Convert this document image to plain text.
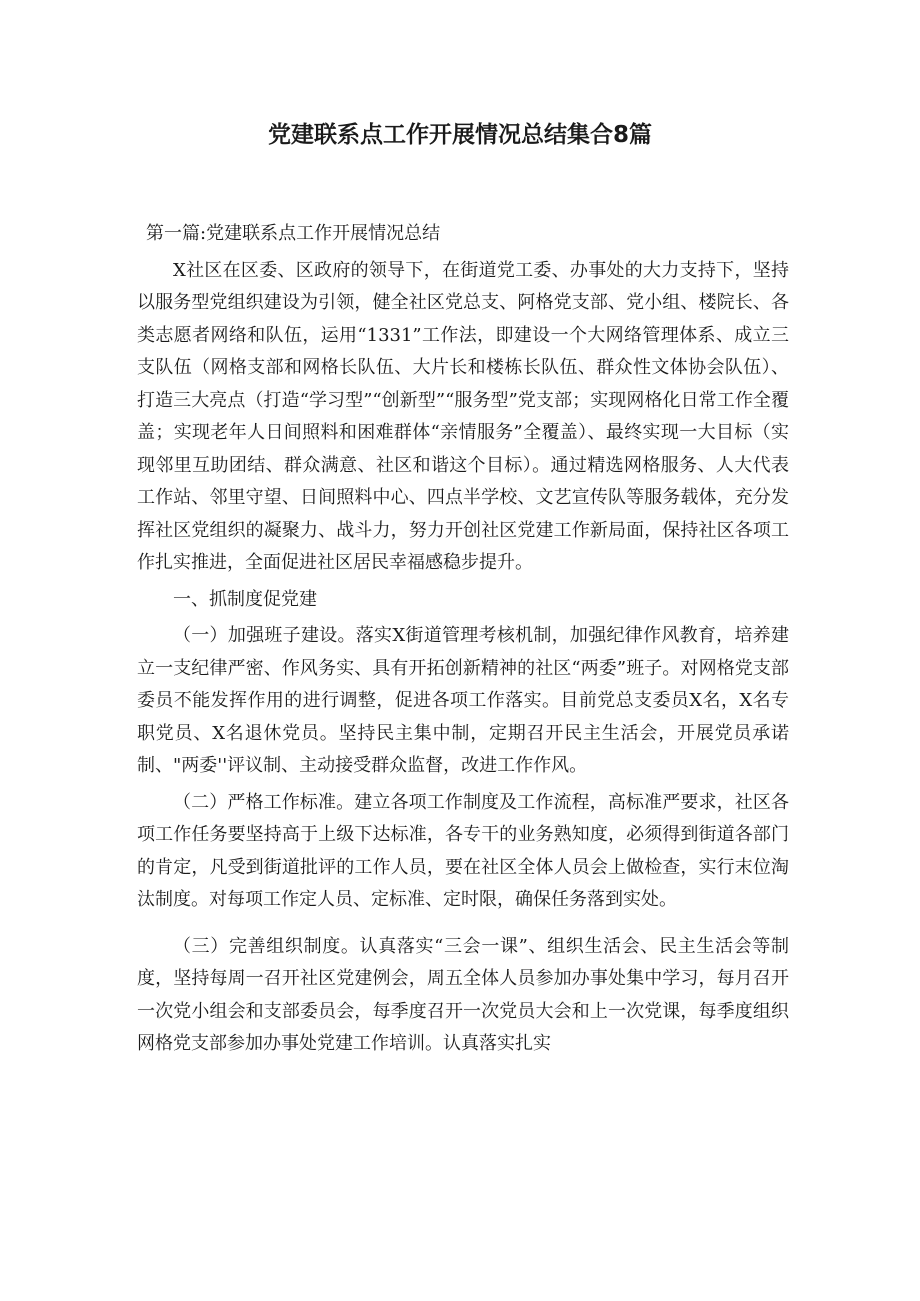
党建联系点工作开展情况总结集合8篇

第一篇:党建联系点工作开展情况总结

X社区在区委、区政府的领导下，在街道党工委、办事处的大力支持下，坚持以服务型党组织建设为引领，健全社区党总支、阿格党支部、党小组、楼院长、各类志愿者网络和队伍，运用“1331”工作法，即建设一个大网络管理体系、成立三支队伍（网格支部和网格长队伍、大片长和楼栋长队伍、群众性文体协会队伍）、打造三大亮点（打造“学习型”“创新型”“服务型”党支部；实现网格化日常工作全覆盖；实现老年人日间照料和困难群体“亲情服务”全覆盖）、最终实现一大目标（实现邻里互助团结、群众满意、社区和谐这个目标）。通过精选网格服务、人大代表工作站、邻里守望、日间照料中心、四点半学校、文艺宣传队等服务载体，充分发挥社区党组织的凝聚力、战斗力，努力开创社区党建工作新局面，保持社区各项工作扎实推进，全面促进社区居民幸福感稳步提升。

一、抓制度促党建

（一）加强班子建设。落实X街道管理考核机制，加强纪律作风教育，培养建立一支纪律严密、作风务实、具有开拓创新精神的社区“两委”班子。对网格党支部委员不能发挥作用的进行调整，促进各项工作落实。目前党总支委员X名，X名专职党员、X名退休党员。坚持民主集中制，定期召开民主生活会，开展党员承诺制、"两委''评议制、主动接受群众监督，改进工作作风。

（二）严格工作标准。建立各项工作制度及工作流程，高标准严要求，社区各项工作任务要坚持高于上级下达标准，各专干的业务熟知度，必须得到街道各部门的肯定，凡受到街道批评的工作人员，要在社区全体人员会上做检查，实行末位淘汰制度。对每项工作定人员、定标准、定时限，确保任务落到实处。

（三）完善组织制度。认真落实“三会一课”、组织生活会、民主生活会等制度，坚持每周一召开社区党建例会，周五全体人员参加办事处集中学习，每月召开一次党小组会和支部委员会，每季度召开一次党员大会和上一次党课，每季度组织网格党支部参加办事处党建工作培训。认真落实扎实
